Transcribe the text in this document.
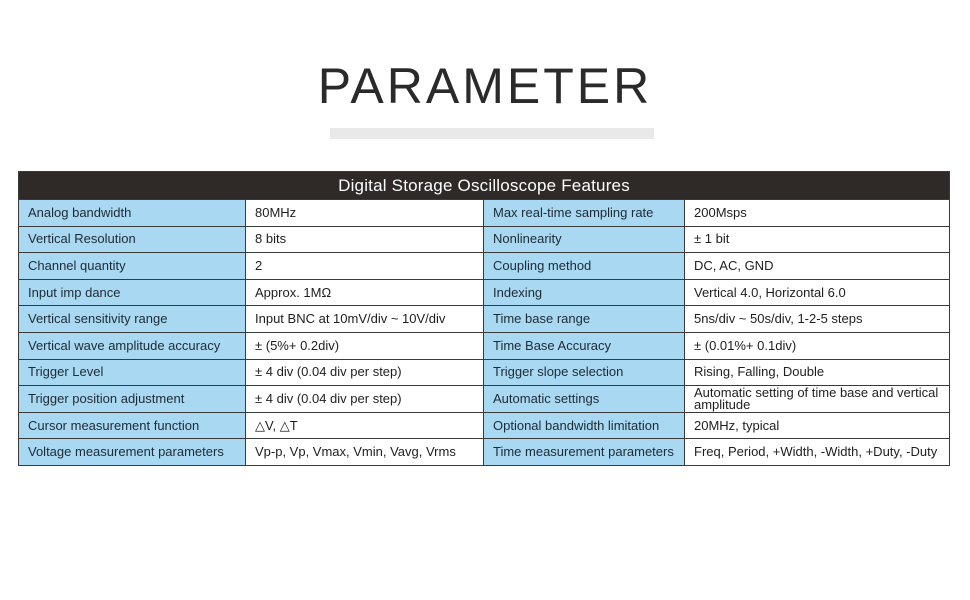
PARAMETER
Digital Storage Oscilloscope Features			
Analog bandwidth	80MHz	Max real-time sampling rate	200Msps
Vertical Resolution	8 bits	Nonlinearity	± 1 bit
Channel quantity	2	Coupling method	DC, AC, GND
Input imp dance	Approx. 1MΩ	Indexing	Vertical 4.0, Horizontal 6.0
Vertical sensitivity range	Input BNC at 10mV/div ~ 10V/div	Time base range	5ns/div ~ 50s/div, 1-2-5 steps
Vertical wave amplitude accuracy	± (5%+ 0.2div)	Time Base Accuracy	± (0.01%+ 0.1div)
Trigger Level	± 4 div (0.04 div per step)	Trigger slope selection	Rising, Falling, Double
Trigger position adjustment	± 4 div (0.04 div per step)	Automatic settings	Automatic setting of time base and vertical amplitude
Cursor measurement function	△V, △T	Optional bandwidth limitation	20MHz, typical
Voltage measurement parameters	Vp-p, Vp, Vmax, Vmin, Vavg, Vrms	Time measurement parameters	Freq, Period, +Width, -Width, +Duty, -Duty
